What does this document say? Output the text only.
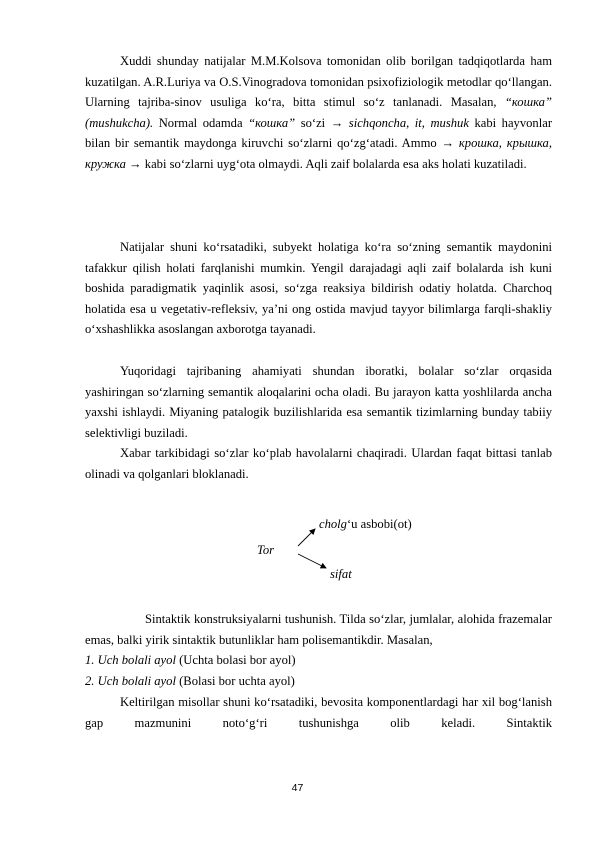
Xuddi shunday natijalar M.M.Kolsova tomonidan olib borilgan tadqiqotlarda ham kuzatilgan. A.R.Luriya va O.S.Vinogradova tomonidan psixofiziologik metodlar qo‘llangan. Ularning tajriba-sinov usuliga ko‘ra, bitta stimul so‘z tanlanadi. Masalan, “кошка” (mushukcha). Normal odamda “кошка” so‘zi → sichqoncha, it, mushuk kabi hayvonlar bilan bir semantik maydonga kiruvchi so‘zlarni qo‘zg‘atadi. Ammo → крошка, крышка, кружка → kabi so‘zlarni uyg‘ota olmaydi. Aqli zaif bolalarda esa aks holati kuzatiladi.

Natijalar shuni ko‘rsatadiki, subyekt holatiga ko‘ra so‘zning semantik maydonini tafakkur qilish holati farqlanishi mumkin. Yengil darajadagi aqli zaif bolalarda ish kuni boshida paradigmatik yaqinlik asosi, so‘zga reaksiya bildirish odatiy holatda. Charchoq holatida esa u vegetativ-refleksiv, ya’ni ong ostida mavjud tayyor bilimlarga farqli-shakliy o‘xshashlikka asoslangan axborotga tayanadi.

Yuqoridagi tajribaning ahamiyati shundan iboratki, bolalar so‘zlar orqasida yashiringan so‘zlarning semantik aloqalarini ocha oladi. Bu jarayon katta yoshlilarda ancha yaxshi ishlaydi. Miyaning patalogik buzilishlarida esa semantik tizimlarning bunday tabiiy selektivligi buziladi.

Xabar tarkibidagi so‘zlar ko‘plab havolalarni chaqiradi. Ulardan faqat bittasi tanlab olinadi va qolganlari bloklanadi.

cholg‘u asbobi(ot)
Tor
sifat

Sintaktik konstruksiyalarni tushunish. Tilda so‘zlar, jumlalar, alohida frazemalar emas, balki yirik sintaktik butunliklar ham polisemantikdir. Masalan,

1. Uch bolali ayol (Uchta bolasi bor ayol)
2. Uch bolali ayol (Bolasi bor uchta ayol)

Keltirilgan misollar shuni ko‘rsatadiki, bevosita komponentlardagi har xil bog‘lanish gap mazmunini noto‘g‘ri tushunishga olib keladi. Sintaktik

47
